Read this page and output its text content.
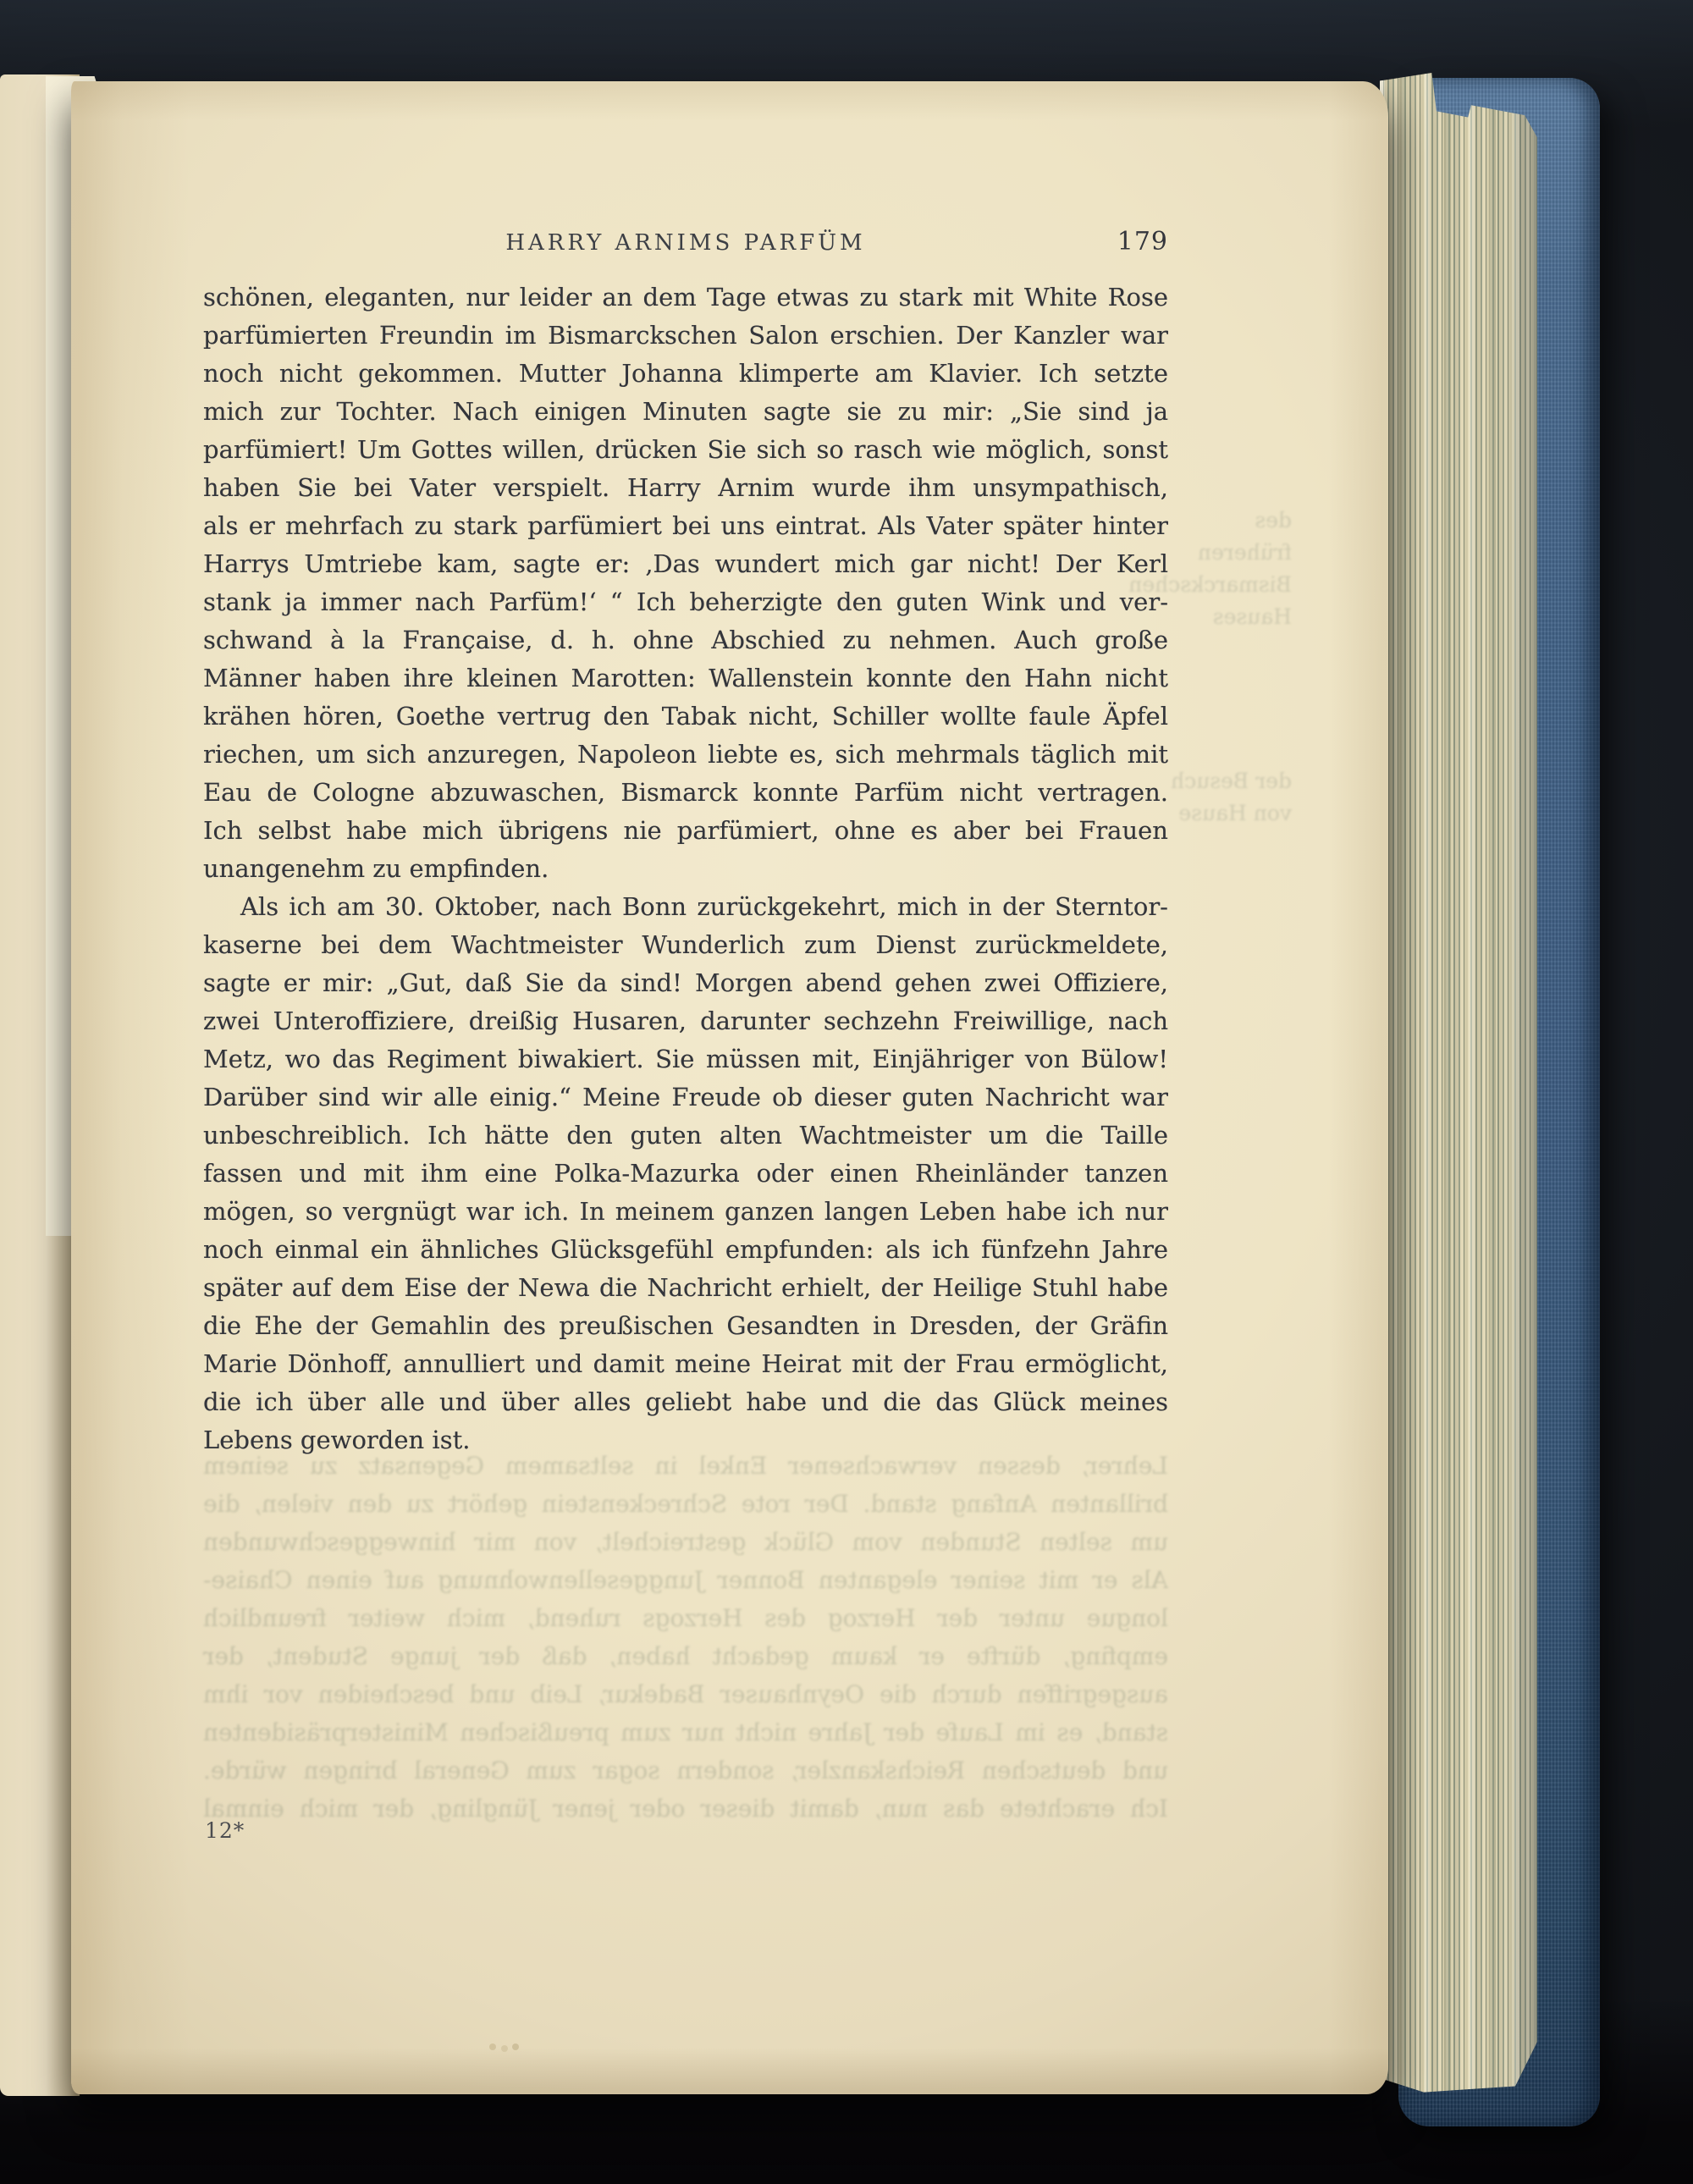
HARRY ARNIMS PARFÜM	179
schönen, eleganten, nur leider an dem Tage etwas zu stark mit White Rose
parfümierten Freundin im Bismarckschen Salon erschien. Der Kanzler war
noch nicht gekommen. Mutter Johanna klimperte am Klavier. Ich setzte
mich zur Tochter. Nach einigen Minuten sagte sie zu mir: „Sie sind ja
parfümiert! Um Gottes willen, drücken Sie sich so rasch wie möglich, sonst
haben Sie bei Vater verspielt. Harry Arnim wurde ihm unsympathisch,
als er mehrfach zu stark parfümiert bei uns eintrat. Als Vater später hinter
Harrys Umtriebe kam, sagte er: ‚Das wundert mich gar nicht! Der Kerl
stank ja immer nach Parfüm!‘ “ Ich beherzigte den guten Wink und ver-
schwand à la Française, d. h. ohne Abschied zu nehmen. Auch große
Männer haben ihre kleinen Marotten: Wallenstein konnte den Hahn nicht
krähen hören, Goethe vertrug den Tabak nicht, Schiller wollte faule Äpfel
riechen, um sich anzuregen, Napoleon liebte es, sich mehrmals täglich mit
Eau de Cologne abzuwaschen, Bismarck konnte Parfüm nicht vertragen.
Ich selbst habe mich übrigens nie parfümiert, ohne es aber bei Frauen
unangenehm zu empfinden.
Als ich am 30. Oktober, nach Bonn zurückgekehrt, mich in der Sterntor-
kaserne bei dem Wachtmeister Wunderlich zum Dienst zurückmeldete,
sagte er mir: „Gut, daß Sie da sind! Morgen abend gehen zwei Offiziere,
zwei Unteroffiziere, dreißig Husaren, darunter sechzehn Freiwillige, nach
Metz, wo das Regiment biwakiert. Sie müssen mit, Einjähriger von Bülow!
Darüber sind wir alle einig.“ Meine Freude ob dieser guten Nachricht war
unbeschreiblich. Ich hätte den guten alten Wachtmeister um die Taille
fassen und mit ihm eine Polka-Mazurka oder einen Rheinländer tanzen
mögen, so vergnügt war ich. In meinem ganzen langen Leben habe ich nur
noch einmal ein ähnliches Glücksgefühl empfunden: als ich fünfzehn Jahre
später auf dem Eise der Newa die Nachricht erhielt, der Heilige Stuhl habe
die Ehe der Gemahlin des preußischen Gesandten in Dresden, der Gräfin
Marie Dönhoff, annulliert und damit meine Heirat mit der Frau ermöglicht,
die ich über alle und über alles geliebt habe und die das Glück meines
Lebens geworden ist.
Lehrer, dessen verwachsener Enkel in seltsamem Gegensatz zu seinem
brillanten Anfang stand. Der rote Schreckenstein gehört zu den vielen, die
um selten Stunden vom Glück gestreichelt, von mir hinweggeschwunden
Als er mit seiner eleganten Bonner Junggesellenwohnung auf einen Chaise-
longue unter der Herzog des Herzogs ruhend, mich weiter freundlich
empfing, dürfte er kaum gedacht haben, daß der junge Student, der
ausgegriffen durch die Oeynhauser Badekur, Leib und bescheiden vor ihm
stand, es im Laufe der Jahre nicht nur zum preußischen Ministerpräsidenten
und deutschen Reichskanzler, sondern sogar zum General bringen würde.
Ich erachtete das nun, damit dieser oder jener Jüngling, der mich einmal
des früheren Bismarckschen Hauses
der Besuch von Hause
12*
